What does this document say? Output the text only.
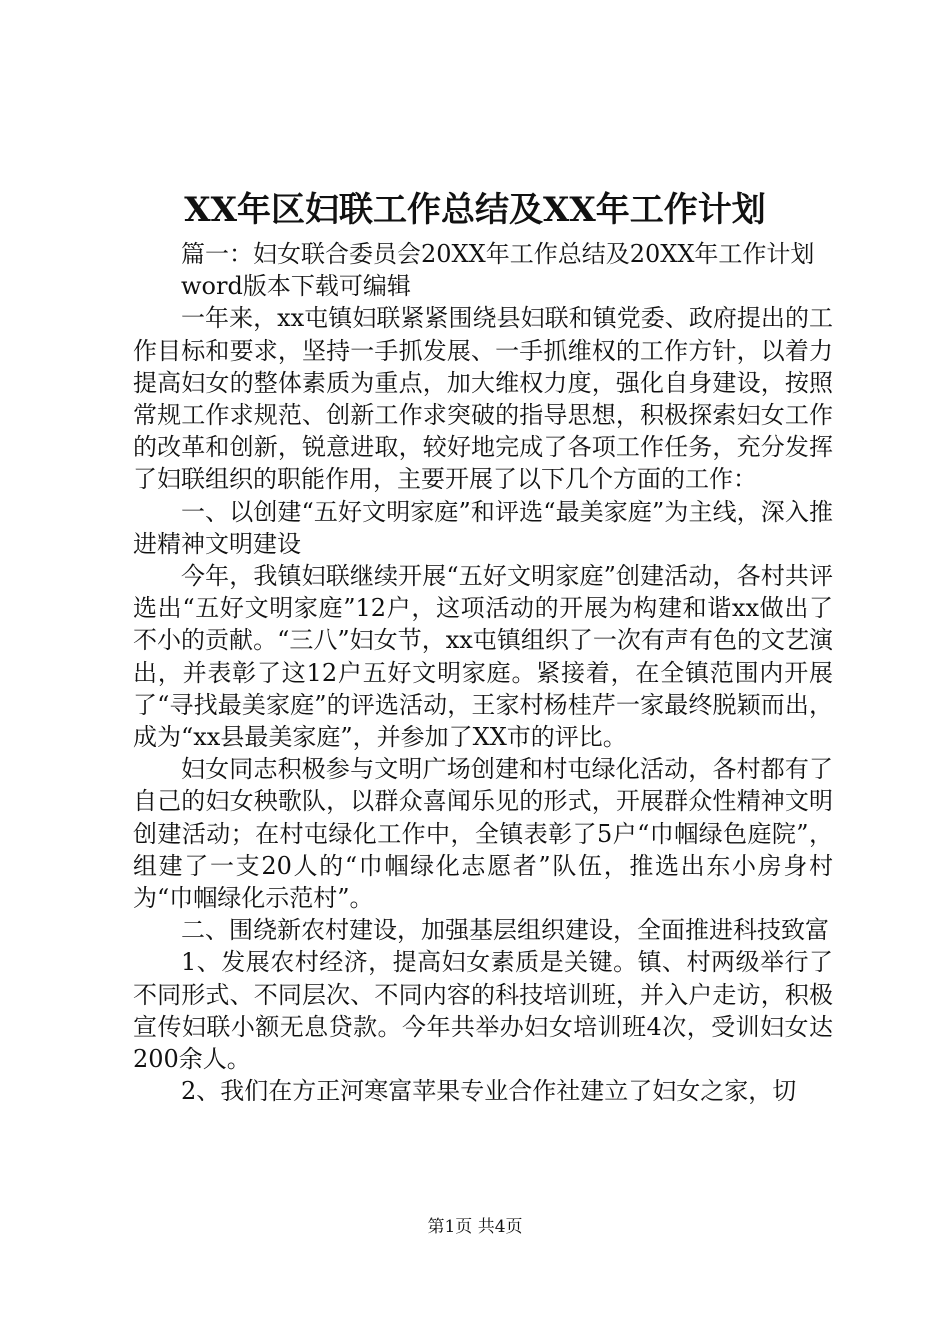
XX年区妇联工作总结及XX年工作计划

篇一：妇女联合委员会20XX年工作总结及20XX年工作计划

word版本下载可编辑

一年来，xx屯镇妇联紧紧围绕县妇联和镇党委、政府提出的工作目标和要求，坚持一手抓发展、一手抓维权的工作方针，以着力提高妇女的整体素质为重点，加大维权力度，强化自身建设，按照常规工作求规范、创新工作求突破的指导思想，积极探索妇女工作的改革和创新，锐意进取，较好地完成了各项工作任务，充分发挥了妇联组织的职能作用，主要开展了以下几个方面的工作：

一、以创建“五好文明家庭”和评选“最美家庭”为主线，深入推进精神文明建设

今年，我镇妇联继续开展“五好文明家庭”创建活动，各村共评选出“五好文明家庭”12户，这项活动的开展为构建和谐xx做出了不小的贡献。“三八”妇女节，xx屯镇组织了一次有声有色的文艺演出，并表彰了这12户五好文明家庭。紧接着，在全镇范围内开展了“寻找最美家庭”的评选活动，王家村杨桂芹一家最终脱颖而出，成为“xx县最美家庭”，并参加了XX市的评比。

妇女同志积极参与文明广场创建和村屯绿化活动，各村都有了自己的妇女秧歌队，以群众喜闻乐见的形式，开展群众性精神文明创建活动；在村屯绿化工作中，全镇表彰了5户“巾帼绿色庭院”，组建了一支20人的“巾帼绿化志愿者”队伍，推选出东小房身村为“巾帼绿化示范村”。

二、围绕新农村建设，加强基层组织建设，全面推进科技致富

1、发展农村经济，提高妇女素质是关键。镇、村两级举行了不同形式、不同层次、不同内容的科技培训班，并入户走访，积极宣传妇联小额无息贷款。今年共举办妇女培训班4次，受训妇女达200余人。

2、我们在方正河寒富苹果专业合作社建立了妇女之家，切

第1页 共4页
